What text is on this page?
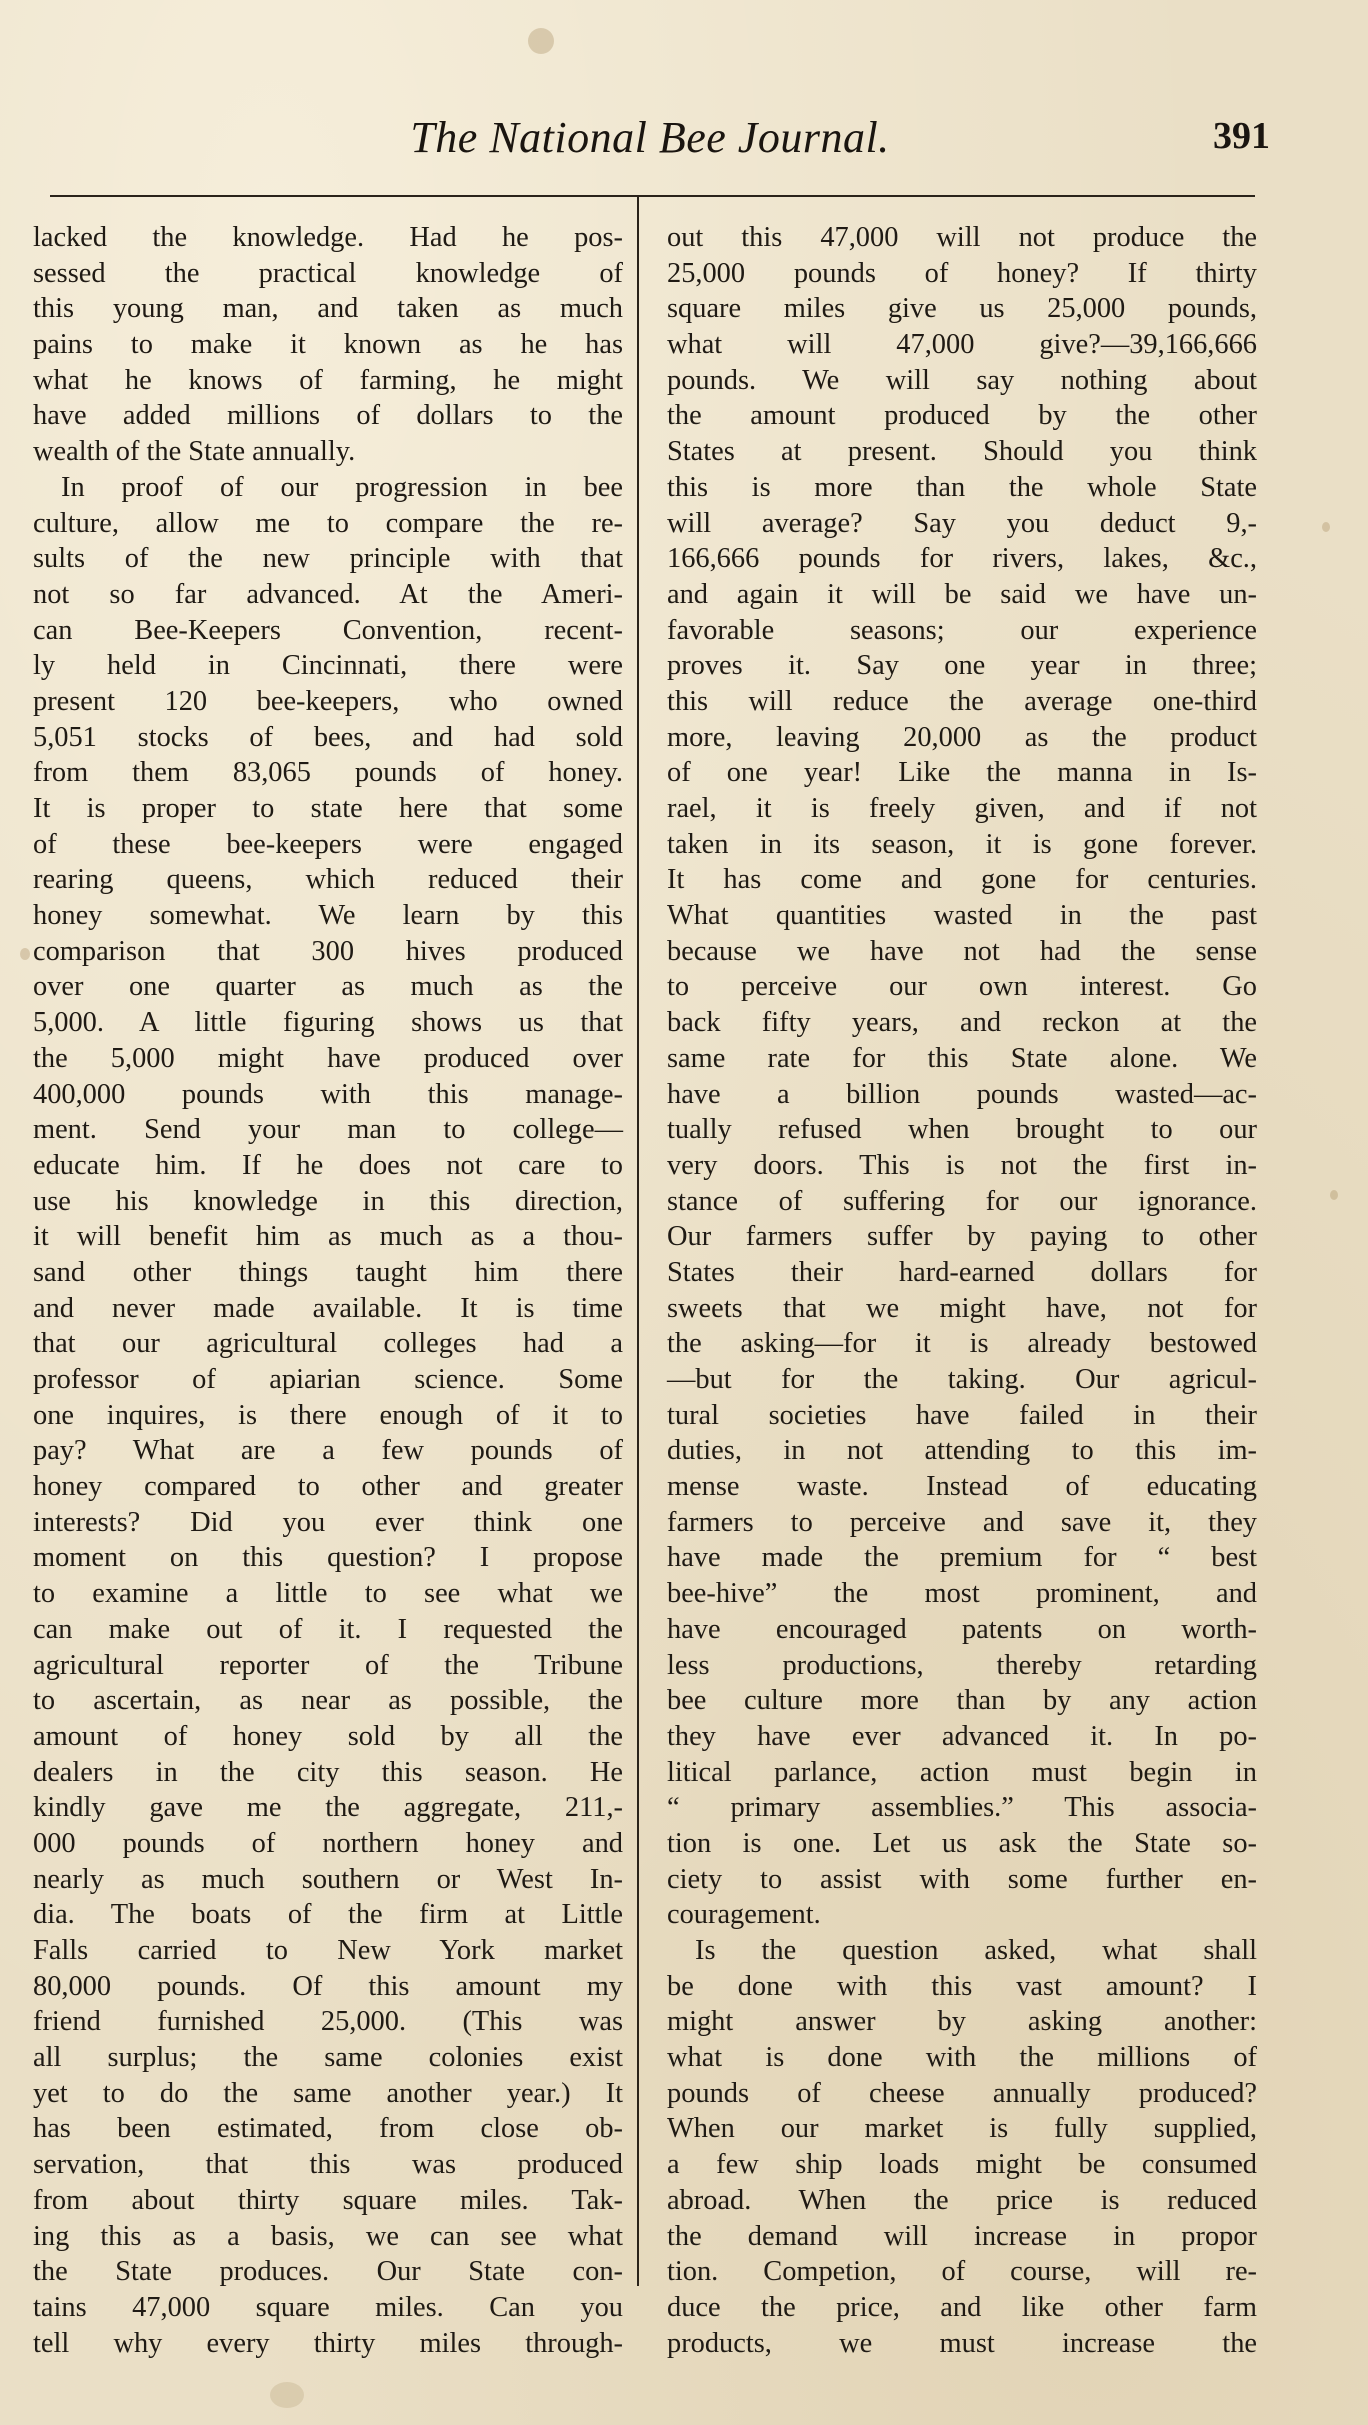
The National Bee Journal.	391
lacked the knowledge. Had he pos-
sessed the practical knowledge of
this young man, and taken as much
pains to make it known as he has
what he knows of farming, he might
have added millions of dollars to the
wealth of the State annually.
In proof of our progression in bee
culture, allow me to compare the re-
sults of the new principle with that
not so far advanced. At the Ameri-
can Bee-Keepers Convention, recent-
ly held in Cincinnati, there were
present 120 bee-keepers, who owned
5,051 stocks of bees, and had sold
from them 83,065 pounds of honey.
It is proper to state here that some
of these bee-keepers were engaged
rearing queens, which reduced their
honey somewhat. We learn by this
comparison that 300 hives produced
over one quarter as much as the
5,000. A little figuring shows us that
the 5,000 might have produced over
400,000 pounds with this manage-
ment. Send your man to college—
educate him. If he does not care to
use his knowledge in this direction,
it will benefit him as much as a thou-
sand other things taught him there
and never made available. It is time
that our agricultural colleges had a
professor of apiarian science. Some
one inquires, is there enough of it to
pay? What are a few pounds of
honey compared to other and greater
interests? Did you ever think one
moment on this question? I propose
to examine a little to see what we
can make out of it. I requested the
agricultural reporter of the Tribune
to ascertain, as near as possible, the
amount of honey sold by all the
dealers in the city this season. He
kindly gave me the aggregate, 211,-
000 pounds of northern honey and
nearly as much southern or West In-
dia. The boats of the firm at Little
Falls carried to New York market
80,000 pounds. Of this amount my
friend furnished 25,000. (This was
all surplus; the same colonies exist
yet to do the same another year.) It
has been estimated, from close ob-
servation, that this was produced
from about thirty square miles. Tak-
ing this as a basis, we can see what
the State produces. Our State con-
tains 47,000 square miles. Can you
tell why every thirty miles through-
out this 47,000 will not produce the
25,000 pounds of honey? If thirty
square miles give us 25,000 pounds,
what will 47,000 give?—39,166,666
pounds. We will say nothing about
the amount produced by the other
States at present. Should you think
this is more than the whole State
will average? Say you deduct 9,-
166,666 pounds for rivers, lakes, &c.,
and again it will be said we have un-
favorable seasons; our experience
proves it. Say one year in three;
this will reduce the average one-third
more, leaving 20,000 as the product
of one year! Like the manna in Is-
rael, it is freely given, and if not
taken in its season, it is gone forever.
It has come and gone for centuries.
What quantities wasted in the past
because we have not had the sense
to perceive our own interest. Go
back fifty years, and reckon at the
same rate for this State alone. We
have a billion pounds wasted—ac-
tually refused when brought to our
very doors. This is not the first in-
stance of suffering for our ignorance.
Our farmers suffer by paying to other
States their hard-earned dollars for
sweets that we might have, not for
the asking—for it is already bestowed
—but for the taking. Our agricul-
tural societies have failed in their
duties, in not attending to this im-
mense waste. Instead of educating
farmers to perceive and save it, they
have made the premium for “ best
bee-hive” the most prominent, and
have encouraged patents on worth-
less productions, thereby retarding
bee culture more than by any action
they have ever advanced it. In po-
litical parlance, action must begin in
“ primary assemblies.” This associa-
tion is one. Let us ask the State so-
ciety to assist with some further en-
couragement.
Is the question asked, what shall
be done with this vast amount? I
might answer by asking another:
what is done with the millions of
pounds of cheese annually produced?
When our market is fully supplied,
a few ship loads might be consumed
abroad. When the price is reduced
the demand will increase in propor
tion. Competion, of course, will re-
duce the price, and like other farm
products, we must increase the
